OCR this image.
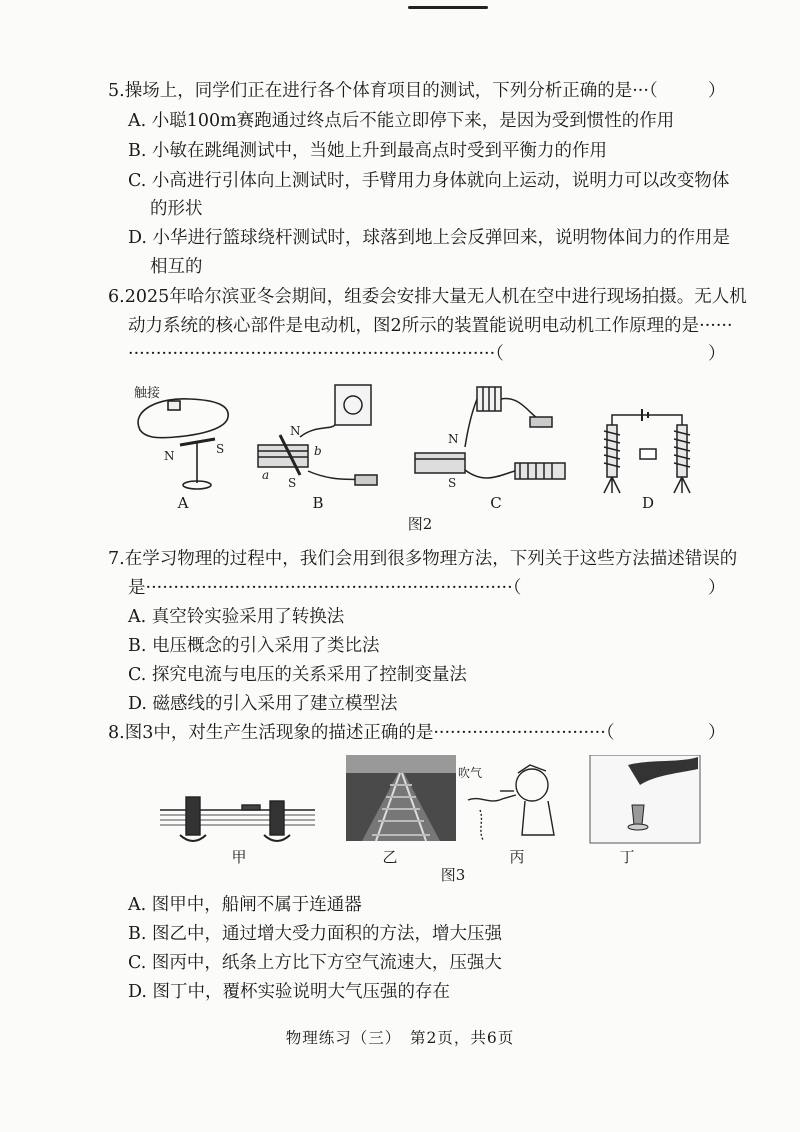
5.操场上，同学们正在进行各个体育项目的测试，下列分析正确的是···（	）
A. 小聪100m赛跑通过终点后不能立即停下来，是因为受到惯性的作用
B. 小敏在跳绳测试中，当她上升到最高点时受到平衡力的作用
C. 小高进行引体向上测试时，手臂用力身体就向上运动，说明力可以改变物体
的形状
D. 小华进行篮球绕杆测试时，球落到地上会反弹回来，说明物体间力的作用是
相互的
6.2025年哈尔滨亚冬会期间，组委会安排大量无人机在空中进行现场拍摄。无人机
动力系统的核心部件是电动机，图2所示的装置能说明电动机工作原理的是······
··································································（	）
触接
N	S
N
S
a
b
N
S
A	B	C	D
图2
7.在学习物理的过程中，我们会用到很多物理方法，下列关于这些方法描述错误的
是··································································（	）
A. 真空铃实验采用了转换法
B. 电压概念的引入采用了类比法
C. 探究电流与电压的关系采用了控制变量法
D. 磁感线的引入采用了建立模型法
8.图3中，对生产生活现象的描述正确的是·······························（	）
吹气
甲	乙	丙	丁
图3
A. 图甲中，船闸不属于连通器
B. 图乙中，通过增大受力面积的方法，增大压强
C. 图丙中，纸条上方比下方空气流速大，压强大
D. 图丁中，覆杯实验说明大气压强的存在
物理练习（三）　第2页，共6页
